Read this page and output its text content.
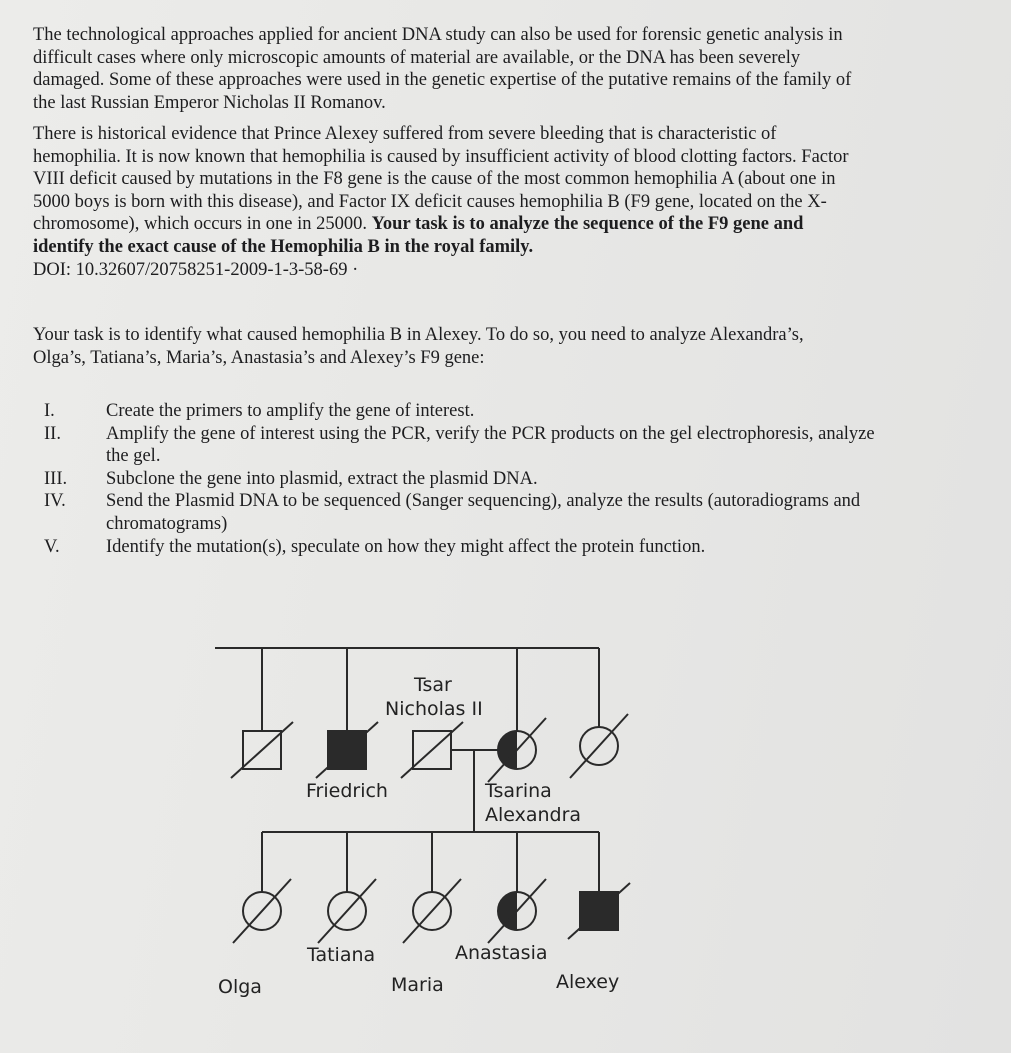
The technological approaches applied for ancient DNA study can also be used for forensic genetic analysis in
difficult cases where only microscopic amounts of material are available, or the DNA has been severely
damaged. Some of these approaches were used in the genetic expertise of the putative remains of the family of
the last Russian Emperor Nicholas II Romanov.
There is historical evidence that Prince Alexey suffered from severe bleeding that is characteristic of
hemophilia. It is now known that hemophilia is caused by insufficient activity of blood clotting factors. Factor
VIII deficit caused by mutations in the F8 gene is the cause of the most common hemophilia A (about one in
5000 boys is born with this disease), and Factor IX deficit causes hemophilia B (F9 gene, located on the X-
chromosome), which occurs in one in 25000. Your task is to analyze the sequence of the F9 gene and
identify the exact cause of the Hemophilia B in the royal family.
DOI: 10.32607/20758251-2009-1-3-58-69 ·
Your task is to identify what caused hemophilia B in Alexey. To do so, you need to analyze Alexandra’s,
Olga’s, Tatiana’s, Maria’s, Anastasia’s and Alexey’s F9 gene:
I.	Create the primers to amplify the gene of interest.
II.	Amplify the gene of interest using the PCR, verify the PCR products on the gel electrophoresis, analyze
the gel.
III.	Subclone the gene into plasmid, extract the plasmid DNA.
IV.	Send the Plasmid DNA to be sequenced (Sanger sequencing), analyze the results (autoradiograms and
chromatograms)
V.	Identify the mutation(s), speculate on how they might affect the protein function.
Tsar
Nicholas II
Friedrich	Tsarina
Alexandra
Tatiana	Anastasia
Olga	Maria	Alexey
